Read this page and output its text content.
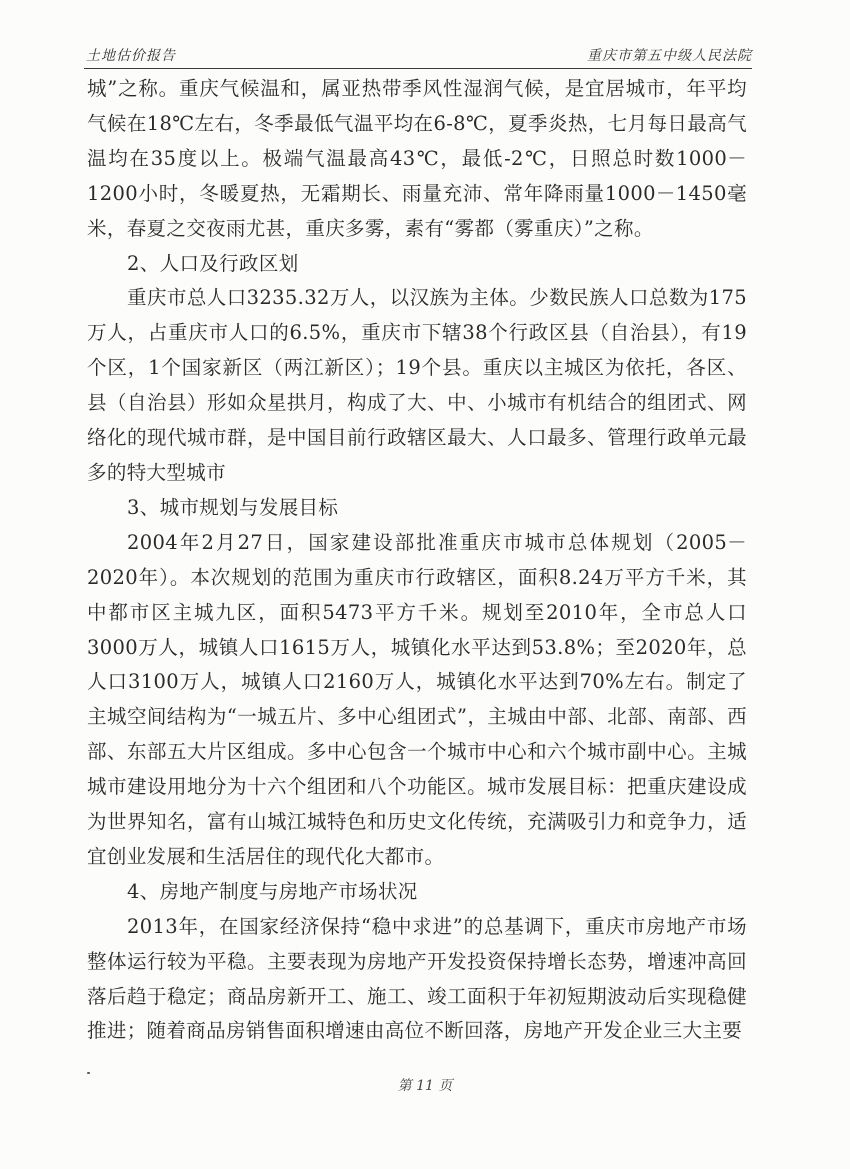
土地估价报告	重庆市第五中级人民法院

城”之称。重庆气候温和，属亚热带季风性湿润气候，是宜居城市，年平均气候在18℃左右，冬季最低气温平均在6-8℃，夏季炎热，七月每日最高气温均在35度以上。极端气温最高43℃，最低-2℃，日照总时数1000－1200小时，冬暖夏热，无霜期长、雨量充沛、常年降雨量1000－1450毫米，春夏之交夜雨尤甚，重庆多雾，素有“雾都（雾重庆）”之称。

2、人口及行政区划

重庆市总人口3235.32万人，以汉族为主体。少数民族人口总数为175万人，占重庆市人口的6.5%，重庆市下辖38个行政区县（自治县），有19个区，1个国家新区（两江新区）；19个县。重庆以主城区为依托，各区、县（自治县）形如众星拱月，构成了大、中、小城市有机结合的组团式、网络化的现代城市群，是中国目前行政辖区最大、人口最多、管理行政单元最多的特大型城市

3、城市规划与发展目标

2004年2月27日，国家建设部批准重庆市城市总体规划（2005－2020年）。本次规划的范围为重庆市行政辖区，面积8.24万平方千米，其中都市区主城九区，面积5473平方千米。规划至2010年，全市总人口3000万人，城镇人口1615万人，城镇化水平达到53.8%；至2020年，总人口3100万人，城镇人口2160万人，城镇化水平达到70%左右。制定了主城空间结构为“一城五片、多中心组团式”，主城由中部、北部、南部、西部、东部五大片区组成。多中心包含一个城市中心和六个城市副中心。主城城市建设用地分为十六个组团和八个功能区。城市发展目标：把重庆建设成为世界知名，富有山城江城特色和历史文化传统，充满吸引力和竞争力，适宜创业发展和生活居住的现代化大都市。

4、房地产制度与房地产市场状况

2013年，在国家经济保持“稳中求进”的总基调下，重庆市房地产市场整体运行较为平稳。主要表现为房地产开发投资保持增长态势，增速冲高回落后趋于稳定；商品房新开工、施工、竣工面积于年初短期波动后实现稳健推进；随着商品房销售面积增速由高位不断回落，房地产开发企业三大主要

第 11 页
